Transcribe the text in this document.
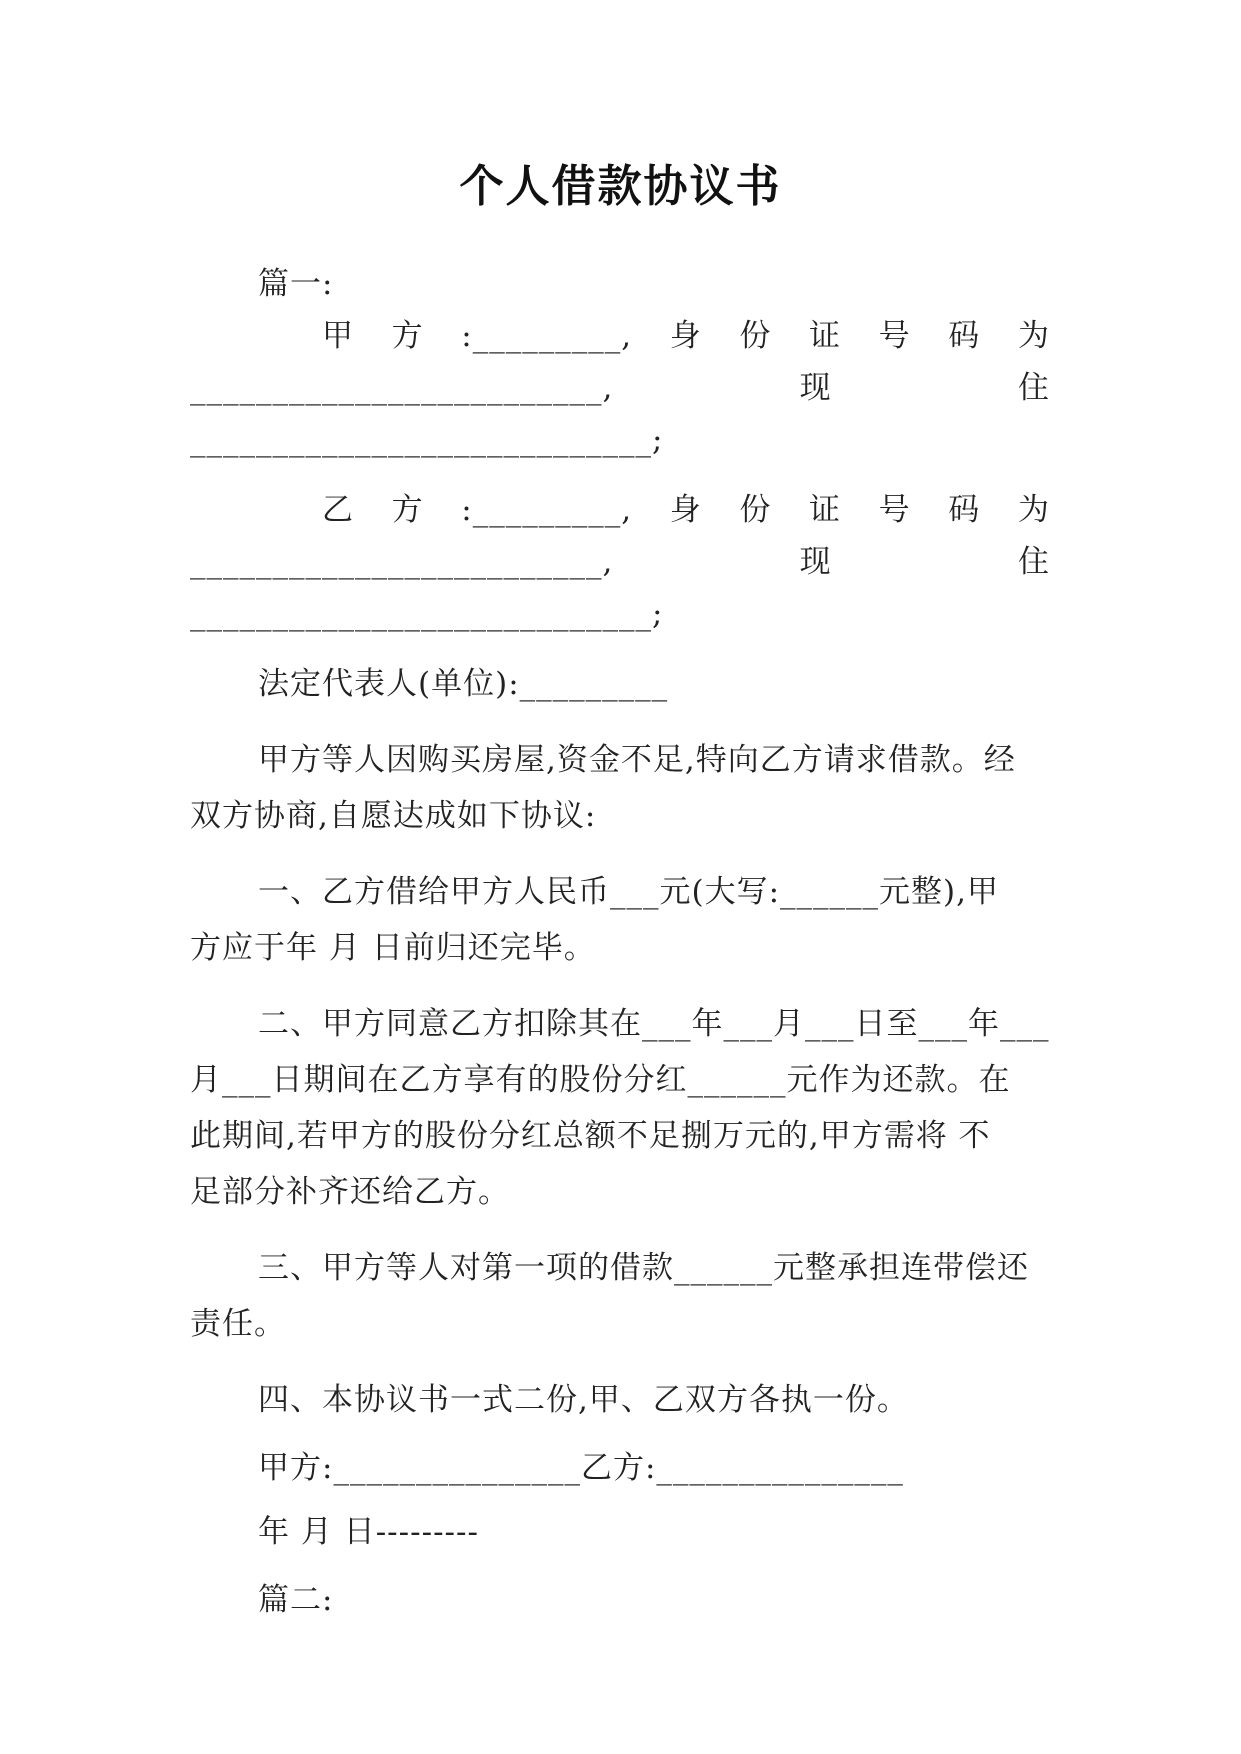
个人借款协议书
篇一:
甲 方 :_________, 身 份 证 号 码 为
_________________________,	现	住
____________________________;
乙 方 :_________, 身 份 证 号 码 为
_________________________,	现	住
____________________________;
法定代表人(单位):_________
甲方等人因购买房屋,资金不足,特向乙方请求借款。经
双方协商,自愿达成如下协议:
一、乙方借给甲方人民币___元(大写:______元整),甲
方应于年 月 日前归还完毕。
二、甲方同意乙方扣除其在___年___月___日至___年___
月___日期间在乙方享有的股份分红______元作为还款。在
此期间,若甲方的股份分红总额不足捌万元的,甲方需将 不
足部分补齐还给乙方。
三、甲方等人对第一项的借款______元整承担连带偿还
责任。
四、本协议书一式二份,甲、乙双方各执一份。
甲方:_______________乙方:_______________
年 月 日---------
篇二:
